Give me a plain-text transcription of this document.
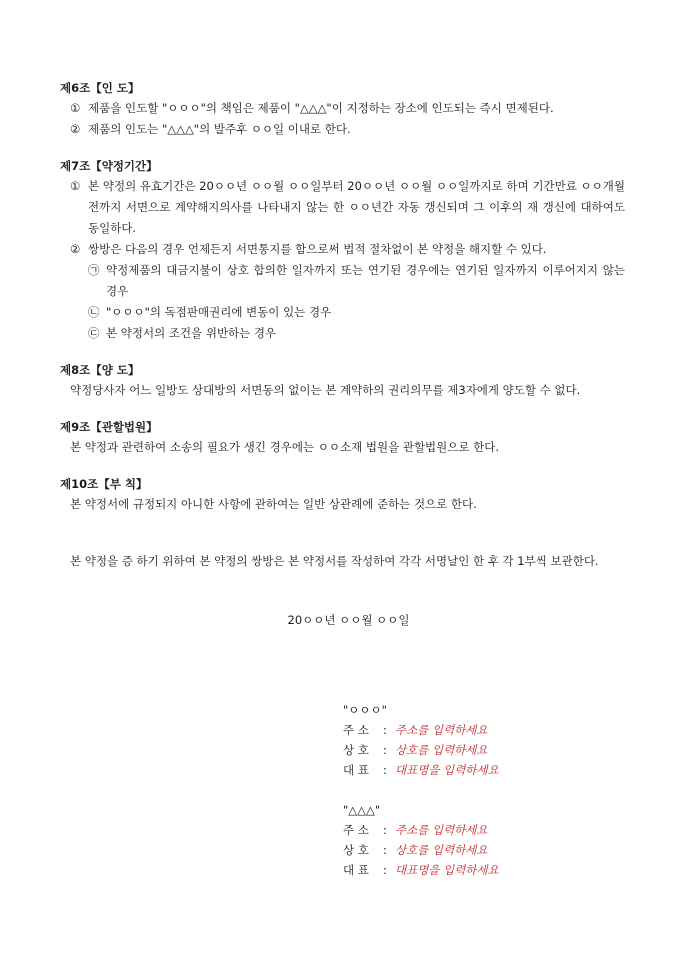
제6조【인 도】
① 제품을 인도할 "ㅇㅇㅇ"의 책임은 제품이 "△△△"이 지정하는 장소에 인도되는 즉시 면제된다.
② 제품의 인도는 "△△△"의 발주후 ㅇㅇ일 이내로 한다.
제7조【약정기간】
① 본 약정의 유효기간은 20ㅇㅇ년 ㅇㅇ월 ㅇㅇ일부터 20ㅇㅇ년 ㅇㅇ월 ㅇㅇ일까지로 하며 기간만료 ㅇㅇ개월 전까지 서면으로 계약해지의사를 나타내지 않는 한 ㅇㅇ년간 자동 갱신되며 그 이후의 재 갱신에 대하여도 동일하다.
② 쌍방은 다음의 경우 언제든지 서면통지를 함으로써 법적 절차없이 본 약정을 해지할 수 있다.
㉠ 약정제품의 대금지불이 상호 합의한 일자까지 또는 연기된 경우에는 연기된 일자까지 이루어지지 않는 경우
㉡ "ㅇㅇㅇ"의 독점판매권리에 변동이 있는 경우
㉢ 본 약정서의 조건을 위반하는 경우
제8조【양 도】
약정당사자 어느 일방도 상대방의 서면동의 없이는 본 계약하의 권리의무를 제3자에게 양도할 수 없다.
제9조【관할법원】
본 약정과 관련하여 소송의 필요가 생긴 경우에는 ㅇㅇ소재 법원을 관할법원으로 한다.
제10조【부 칙】
본 약정서에 규정되지 아니한 사항에 관하여는 일반 상관례에 준하는 것으로 한다.
본 약정을 증 하기 위하여 본 약정의 쌍방은 본 약정서를 작성하여 각각 서명날인 한 후 각 1부씩 보관한다.
20ㅇㅇ년 ㅇㅇ월 ㅇㅇ일
"ㅇㅇㅇ"
주 소	: 주소를 입력하세요
상 호	: 상호를 입력하세요
대 표	: 대표명을 입력하세요
"△△△"
주 소	: 주소를 입력하세요
상 호	: 상호를 입력하세요
대 표	: 대표명을 입력하세요
